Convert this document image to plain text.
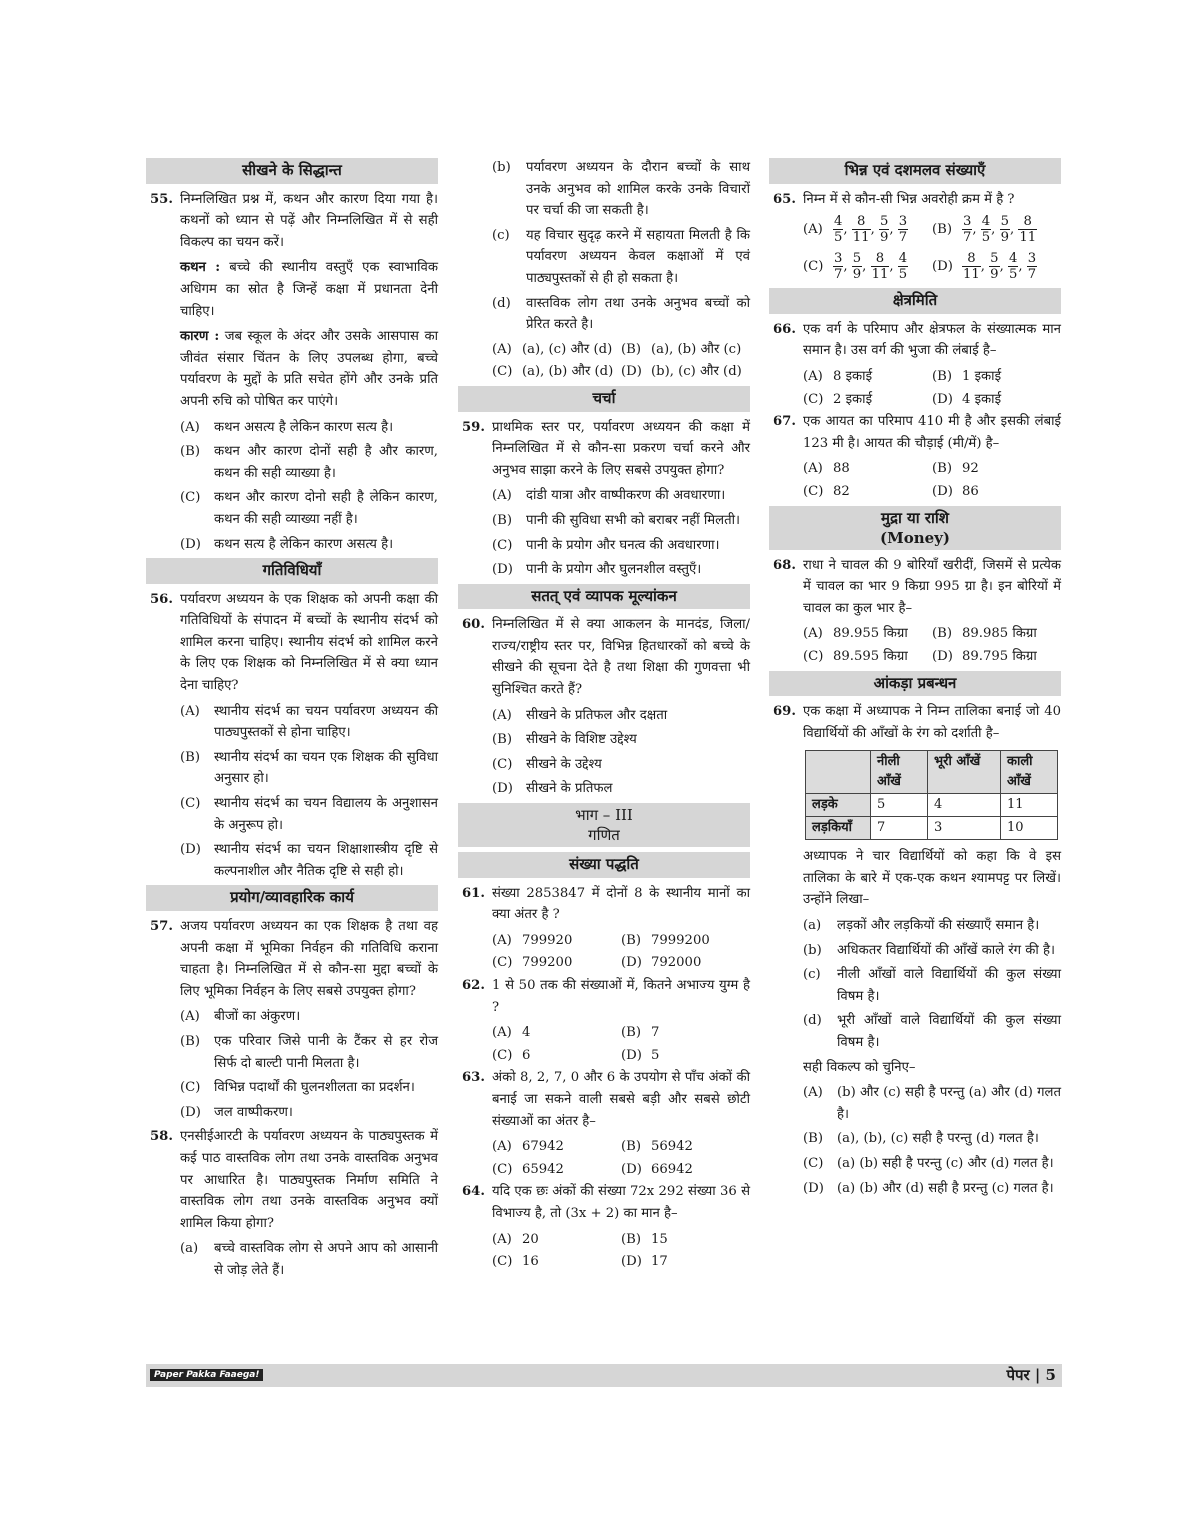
सीखने के सिद्धान्त
55. निम्नलिखित प्रश्न में, कथन और कारण दिया गया है। कथनों को ध्यान से पढ़ें और निम्नलिखित में से सही विकल्प का चयन करें।
कथन : बच्चे की स्थानीय वस्तुएँ एक स्वाभाविक अधिगम का स्रोत है जिन्हें कक्षा में प्रधानता देनी चाहिए।
कारण : जब स्कूल के अंदर और उसके आसपास का जीवंत संसार चिंतन के लिए उपलब्ध होगा, बच्चे पर्यावरण के मुद्दों के प्रति सचेत होंगे और उनके प्रति अपनी रुचि को पोषित कर पाएंगे।
(A) कथन असत्य है लेकिन कारण सत्य है।
(B) कथन और कारण दोनों सही है और कारण, कथन की सही व्याख्या है।
(C) कथन और कारण दोनो सही है लेकिन कारण, कथन की सही व्याख्या नहीं है।
(D) कथन सत्य है लेकिन कारण असत्य है।
गतिविधियाँ
56. पर्यावरण अध्ययन के एक शिक्षक को अपनी कक्षा की गतिविधियों के संपादन में बच्चों के स्थानीय संदर्भ को शामिल करना चाहिए। स्थानीय संदर्भ को शामिल करने के लिए एक शिक्षक को निम्नलिखित में से क्या ध्यान देना चाहिए?
(A) स्थानीय संदर्भ का चयन पर्यावरण अध्ययन की पाठ्यपुस्तकों से होना चाहिए।
(B) स्थानीय संदर्भ का चयन एक शिक्षक की सुविधा अनुसार हो।
(C) स्थानीय संदर्भ का चयन विद्यालय के अनुशासन के अनुरूप हो।
(D) स्थानीय संदर्भ का चयन शिक्षाशास्त्रीय दृष्टि से कल्पनाशील और नैतिक दृष्टि से सही हो।
प्रयोग/व्यावहारिक कार्य
57. अजय पर्यावरण अध्ययन का एक शिक्षक है तथा वह अपनी कक्षा में भूमिका निर्वहन की गतिविधि कराना चाहता है। निम्नलिखित में से कौन-सा मुद्दा बच्चों के लिए भूमिका निर्वहन के लिए सबसे उपयुक्त होगा?
(A) बीजों का अंकुरण।
(B) एक परिवार जिसे पानी के टैंकर से हर रोज सिर्फ दो बाल्टी पानी मिलता है।
(C) विभिन्न पदार्थों की घुलनशीलता का प्रदर्शन।
(D) जल वाष्पीकरण।
58. एनसीईआरटी के पर्यावरण अध्ययन के पाठ्यपुस्तक में कई पाठ वास्तविक लोग तथा उनके वास्तविक अनुभव पर आधारित है। पाठ्यपुस्तक निर्माण समिति ने वास्तविक लोग तथा उनके वास्तविक अनुभव क्यों शामिल किया होगा?
(a) बच्चे वास्तविक लोग से अपने आप को आसानी से जोड़ लेते हैं।
(b) पर्यावरण अध्ययन के दौरान बच्चों के साथ उनके अनुभव को शामिल करके उनके विचारों पर चर्चा की जा सकती है।
(c) यह विचार सुदृढ़ करने में सहायता मिलती है कि पर्यावरण अध्ययन केवल कक्षाओं में एवं पाठ्यपुस्तकों से ही हो सकता है।
(d) वास्तविक लोग तथा उनके अनुभव बच्चों को प्रेरित करते है।
(A) (a), (c) और (d) (B) (a), (b) और (c)
(C) (a), (b) और (d) (D) (b), (c) और (d)
चर्चा
59. प्राथमिक स्तर पर, पर्यावरण अध्ययन की कक्षा में निम्नलिखित में से कौन-सा प्रकरण चर्चा करने और अनुभव साझा करने के लिए सबसे उपयुक्त होगा?
(A) दांडी यात्रा और वाष्पीकरण की अवधारणा।
(B) पानी की सुविधा सभी को बराबर नहीं मिलती।
(C) पानी के प्रयोग और घनत्व की अवधारणा।
(D) पानी के प्रयोग और घुलनशील वस्तुएँ।
सतत् एवं व्यापक मूल्यांकन
60. निम्नलिखित में से क्या आकलन के मानदंड, जिला/राज्य/राष्ट्रीय स्तर पर, विभिन्न हितधारकों को बच्चे के सीखने की सूचना देते है तथा शिक्षा की गुणवत्ता भी सुनिश्चित करते हैं?
(A) सीखने के प्रतिफल और दक्षता
(B) सीखने के विशिष्ट उद्देश्य
(C) सीखने के उद्देश्य
(D) सीखने के प्रतिफल
भाग – III
गणित
संख्या पद्धति
61. संख्या 2853847 में दोनों 8 के स्थानीय मानों का क्या अंतर है ?
(A) 799920	(B) 7999200
(C) 799200	(D) 792000
62. 1 से 50 तक की संख्याओं में, कितने अभाज्य युग्म है ?
(A) 4	(B) 7
(C) 6	(D) 5
63. अंको 8, 2, 7, 0 और 6 के उपयोग से पाँच अंकों की बनाई जा सकने वाली सबसे बड़ी और सबसे छोटी संख्याओं का अंतर है–
(A) 67942	(B) 56942
(C) 65942	(D) 66942
64. यदि एक छः अंकों की संख्या 72x 292 संख्या 36 से विभाज्य है, तो (3x + 2) का मान है–
(A) 20	(B) 15
(C) 16	(D) 17
भिन्न एवं दशमलव संख्याएँ
65. निम्न में से कौन-सी भिन्न अवरोही क्रम में है ?
$(A) \frac{4}{5}$ , $\frac{8}{11}$ , $\frac{5}{9}$ , $\frac{3}{7} (B) \frac{3}{7}$ , $\frac{4}{5}$ , $\frac{5}{9}$ , $\frac{8}{11}$
$(C) \frac{3}{7}$ , $\frac{5}{9}$ , $\frac{8}{11}$ , $\frac{4}{5} (D) \frac{8}{11}$ , $\frac{5}{9}$ , $\frac{4}{5}$ , $\frac{3}{7}$
क्षेत्रमिति
66. एक वर्ग के परिमाप और क्षेत्रफल के संख्यात्मक मान समान है। उस वर्ग की भुजा की लंबाई है–
(A) 8 इकाई	(B) 1 इकाई
(C) 2 इकाई	(D) 4 इकाई
67. एक आयत का परिमाप 410 मी है और इसकी लंबाई 123 मी है। आयत की चौड़ाई (मी/में) है–
(A) 88	(B) 92
(C) 82	(D) 86
मुद्रा या राशि
(Money)
68. राधा ने चावल की 9 बोरियाँ खरीदीं, जिसमें से प्रत्येक में चावल का भार 9 किग्रा 995 ग्रा है। इन बोरियों में चावल का कुल भार है–
(A) 89.955 किग्रा (B) 89.985 किग्रा
(C) 89.595 किग्रा (D) 89.795 किग्रा
आंकड़ा प्रबन्धन
69. एक कक्षा में अध्यापक ने निम्न तालिका बनाई जो 40 विद्यार्थियों की आँखों के रंग को दर्शाती है–
	नीली आँखें	भूरी आँखें	काली आँखें
लड़के	5	4	11
लड़कियाँ	7	3	10
अध्यापक ने चार विद्यार्थियों को कहा कि वे इस तालिका के बारे में एक-एक कथन श्यामपट्ट पर लिखें। उन्होंने लिखा–
(a) लड़कों और लड़कियों की संख्याएँ समान है।
(b) अधिकतर विद्यार्थियों की आँखें काले रंग की है।
(c) नीली आँखों वाले विद्यार्थियों की कुल संख्या विषम है।
(d) भूरी आँखों वाले विद्यार्थियों की कुल संख्या विषम है।
सही विकल्प को चुनिए–
(A) (b) और (c) सही है परन्तु (a) और (d) गलत है।
(B) (a), (b), (c) सही है परन्तु (d) गलत है।
(C) (a) (b) सही है परन्तु (c) और (d) गलत है।
(D) (a) (b) और (d) सही है प्ररन्तु (c) गलत है।
Paper Pakka Faaega!	पेपर | 5
